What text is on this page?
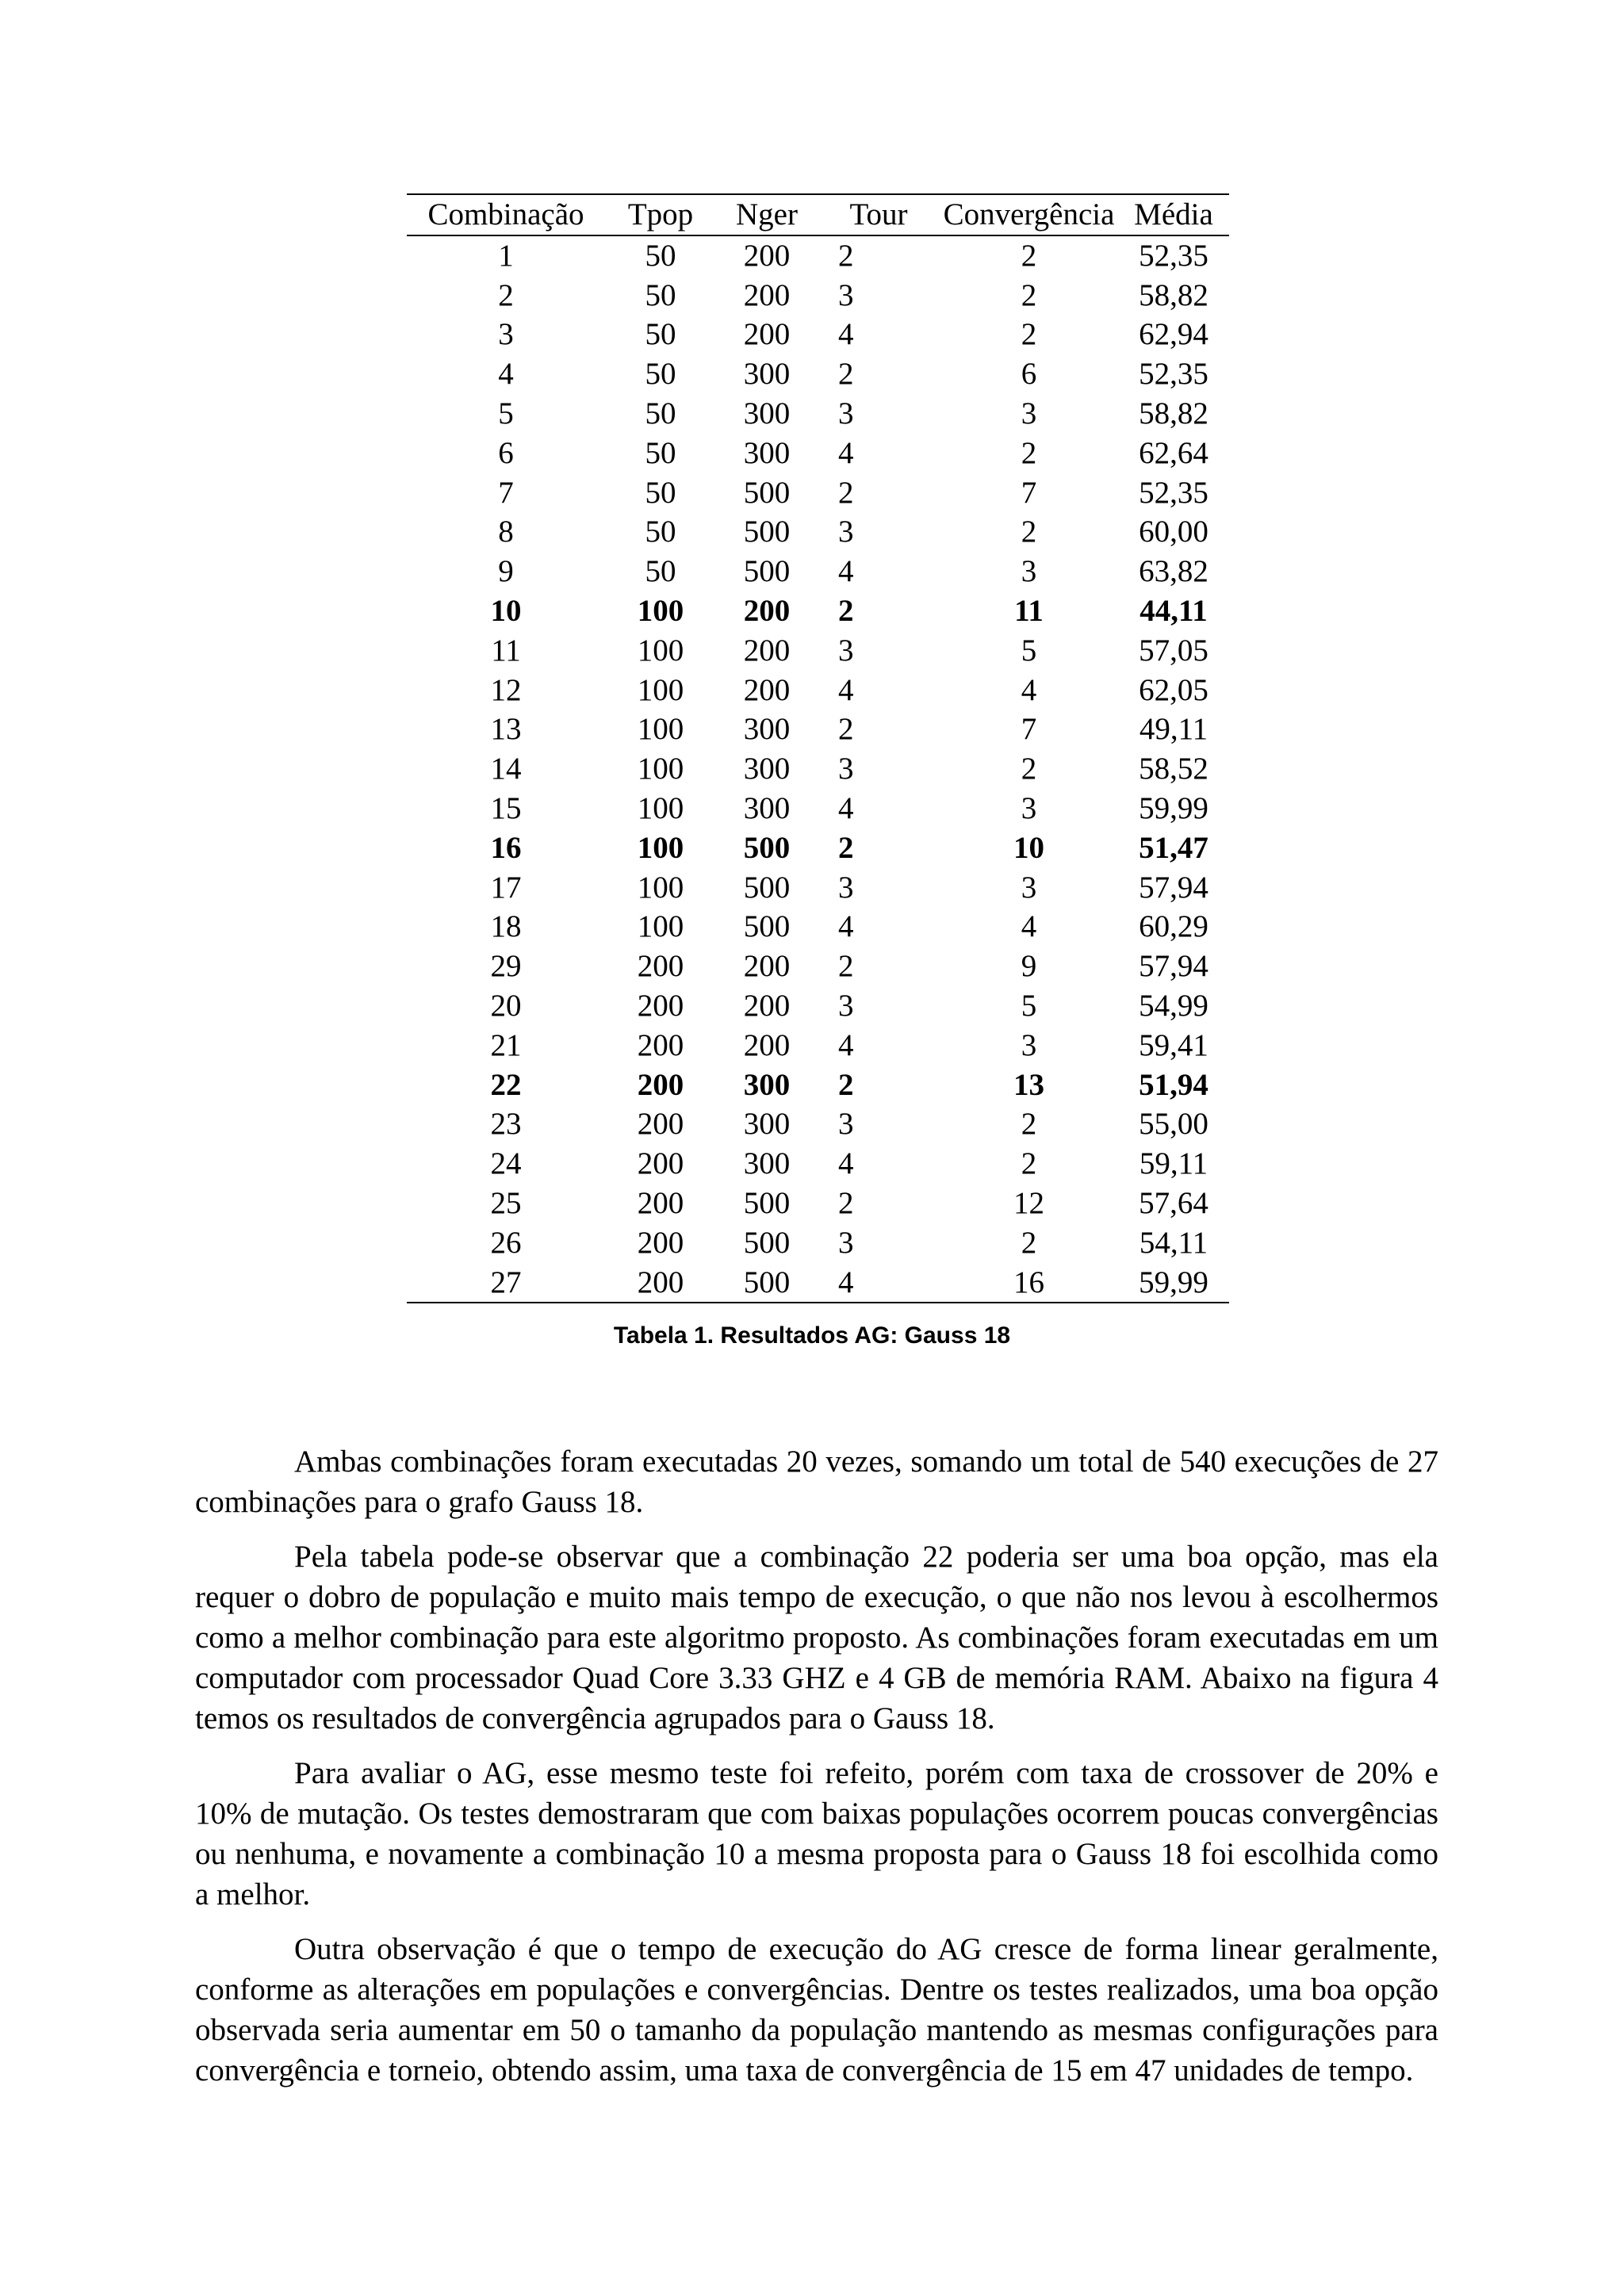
Combinação	Tpop	Nger	Tour	Convergência	Média
1	50	200	2	2	52,35
2	50	200	3	2	58,82
3	50	200	4	2	62,94
4	50	300	2	6	52,35
5	50	300	3	3	58,82
6	50	300	4	2	62,64
7	50	500	2	7	52,35
8	50	500	3	2	60,00
9	50	500	4	3	63,82
10	100	200	2	11	44,11
11	100	200	3	5	57,05
12	100	200	4	4	62,05
13	100	300	2	7	49,11
14	100	300	3	2	58,52
15	100	300	4	3	59,99
16	100	500	2	10	51,47
17	100	500	3	3	57,94
18	100	500	4	4	60,29
29	200	200	2	9	57,94
20	200	200	3	5	54,99
21	200	200	4	3	59,41
22	200	300	2	13	51,94
23	200	300	3	2	55,00
24	200	300	4	2	59,11
25	200	500	2	12	57,64
26	200	500	3	2	54,11
27	200	500	4	16	59,99
Tabela 1. Resultados AG: Gauss 18

Ambas combinações foram executadas 20 vezes, somando um total de 540 execuções de 27 combinações para o grafo Gauss 18.

Pela tabela pode-se observar que a combinação 22 poderia ser uma boa opção, mas ela requer o dobro de população e muito mais tempo de execução, o que não nos levou à escolhermos como a melhor combinação para este algoritmo proposto. As combinações foram executadas em um computador com processador Quad Core 3.33 GHZ e 4 GB de memória RAM. Abaixo na figura 4 temos os resultados de convergência agrupados para o Gauss 18.

Para avaliar o AG, esse mesmo teste foi refeito, porém com taxa de crossover de 20% e 10% de mutação. Os testes demostraram que com baixas populações ocorrem poucas convergências ou nenhuma, e novamente a combinação 10 a mesma proposta para o Gauss 18 foi escolhida como a melhor.

Outra observação é que o tempo de execução do AG cresce de forma linear geralmente, conforme as alterações em populações e convergências. Dentre os testes realizados, uma boa opção observada seria aumentar em 50 o tamanho da população mantendo as mesmas configurações para convergência e torneio, obtendo assim, uma taxa de convergência de 15 em 47 unidades de tempo.
